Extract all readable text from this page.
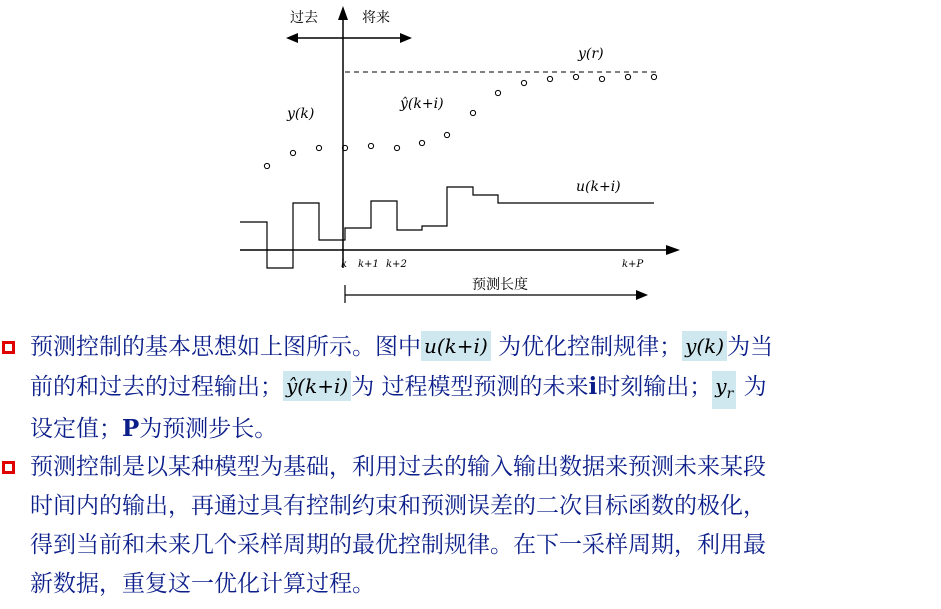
过去	将来
y(r)
ŷ(k+i)
y(k)
u(k+i)
k k+1 k+2	k+P
预测长度

预测控制的基本思想如上图所示。图中 u(k+i) 为优化控制规律； y(k) 为当
前的和过去的过程输出； ŷ(k+i) 为 过程模型预测的未来i时刻输出； $y_r$ 为
设定值；P为预测步长。

预测控制是以某种模型为基础，利用过去的输入输出数据来预测未来某段
时间内的输出，再通过具有控制约束和预测误差的二次目标函数的极化，
得到当前和未来几个采样周期的最优控制规律。在下一采样周期，利用最
新数据，重复这一优化计算过程。
